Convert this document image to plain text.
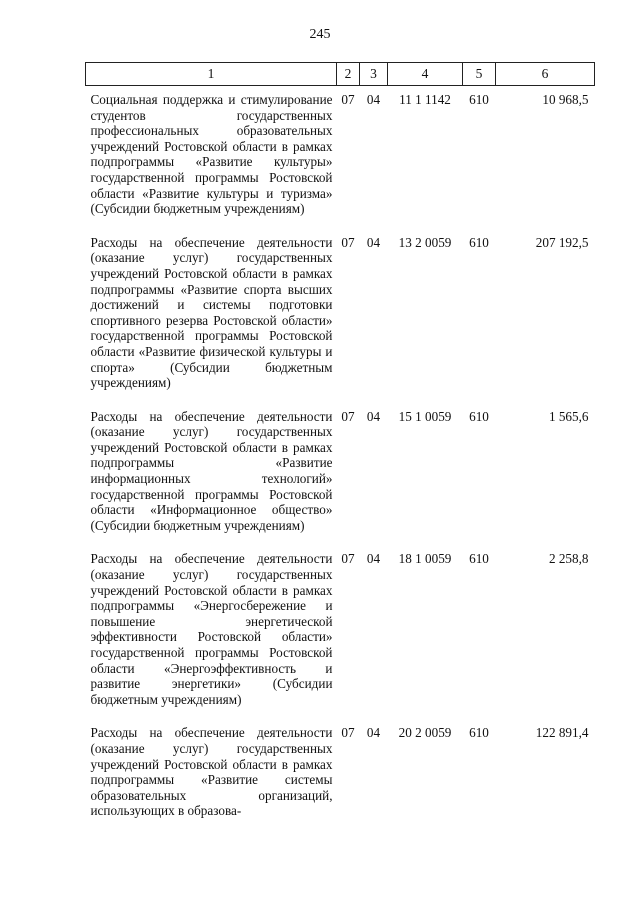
245
1	2	3	4	5	6
Социальная поддержка и стимулирование студентов государственных профессиональных образовательных учреждений Ростовской области в рамках подпрограммы «Развитие культуры» государственной программы Ростовской области «Развитие культуры и туризма» (Субсидии бюджетным учреждениям)	07	04	11 1 1142	610	10 968,5
Расходы на обеспечение деятельности (оказание услуг) государственных учреждений Ростовской области в рамках подпрограммы «Развитие спорта высших достижений и системы подготовки спортивного резерва Ростовской области» государственной программы Ростовской области «Развитие физической культуры и спорта» (Субсидии бюджетным учреждениям)	07	04	13 2 0059	610	207 192,5
Расходы на обеспечение деятельности (оказание услуг) государственных учреждений Ростовской области в рамках подпрограммы «Развитие информационных технологий» государственной программы Ростовской области «Информационное общество» (Субсидии бюджетным учреждениям)	07	04	15 1 0059	610	1 565,6
Расходы на обеспечение деятельности (оказание услуг) государственных учреждений Ростовской области в рамках подпрограммы «Энергосбережение и повышение энергетической эффективности Ростовской области» государственной программы Ростовской области «Энергоэффективность и развитие энергетики» (Субсидии бюджетным учреждениям)	07	04	18 1 0059	610	2 258,8
Расходы на обеспечение деятельности (оказание услуг) государственных учреждений Ростовской области в рамках подпрограммы «Развитие системы образовательных организаций, использующих в образова-	07	04	20 2 0059	610	122 891,4
